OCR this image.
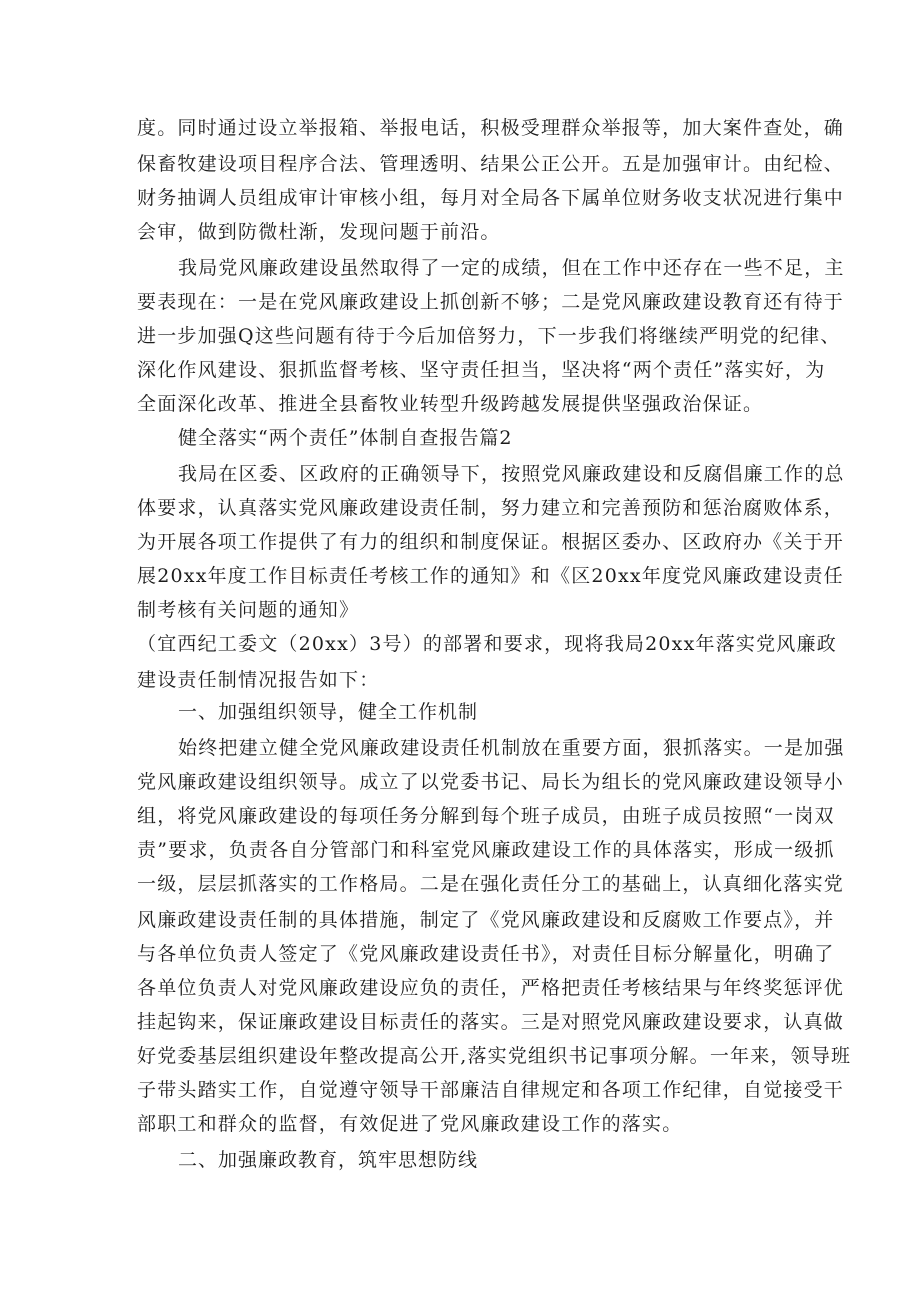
度。同时通过设立举报箱、举报电话，积极受理群众举报等，加大案件查处，确
保畜牧建设项目程序合法、管理透明、结果公正公开。五是加强审计。由纪检、
财务抽调人员组成审计审核小组，每月对全局各下属单位财务收支状况进行集中
会审，做到防微杜渐，发现问题于前沿。
我局党风廉政建设虽然取得了一定的成绩，但在工作中还存在一些不足，主
要表现在：一是在党风廉政建设上抓创新不够；二是党风廉政建设教育还有待于
进一步加强Q这些问题有待于今后加倍努力，下一步我们将继续严明党的纪律、
深化作风建设、狠抓监督考核、坚守责任担当，坚决将“两个责任”落实好，为
全面深化改革、推进全县畜牧业转型升级跨越发展提供坚强政治保证。
健全落实“两个责任”体制自查报告篇2
我局在区委、区政府的正确领导下，按照党风廉政建设和反腐倡廉工作的总
体要求，认真落实党风廉政建设责任制，努力建立和完善预防和惩治腐败体系，
为开展各项工作提供了有力的组织和制度保证。根据区委办、区政府办《关于开
展20xx年度工作目标责任考核工作的通知》和《区20xx年度党风廉政建设责任
制考核有关问题的通知》
（宜西纪工委文（20xx）3号）的部署和要求，现将我局20xx年落实党风廉政
建设责任制情况报告如下：
一、加强组织领导，健全工作机制
始终把建立健全党风廉政建设责任机制放在重要方面，狠抓落实。一是加强
党风廉政建设组织领导。成立了以党委书记、局长为组长的党风廉政建设领导小
组，将党风廉政建设的每项任务分解到每个班子成员，由班子成员按照“一岗双
责”要求，负责各自分管部门和科室党风廉政建设工作的具体落实，形成一级抓
一级，层层抓落实的工作格局。二是在强化责任分工的基础上，认真细化落实党
风廉政建设责任制的具体措施，制定了《党风廉政建设和反腐败工作要点》，并
与各单位负责人签定了《党风廉政建设责任书》，对责任目标分解量化，明确了
各单位负责人对党风廉政建设应负的责任，严格把责任考核结果与年终奖惩评优
挂起钩来，保证廉政建设目标责任的落实。三是对照党风廉政建设要求，认真做
好党委基层组织建设年整改提高公开,落实党组织书记事项分解。一年来，领导班
子带头踏实工作，自觉遵守领导干部廉洁自律规定和各项工作纪律，自觉接受干
部职工和群众的监督，有效促进了党风廉政建设工作的落实。
二、加强廉政教育，筑牢思想防线
